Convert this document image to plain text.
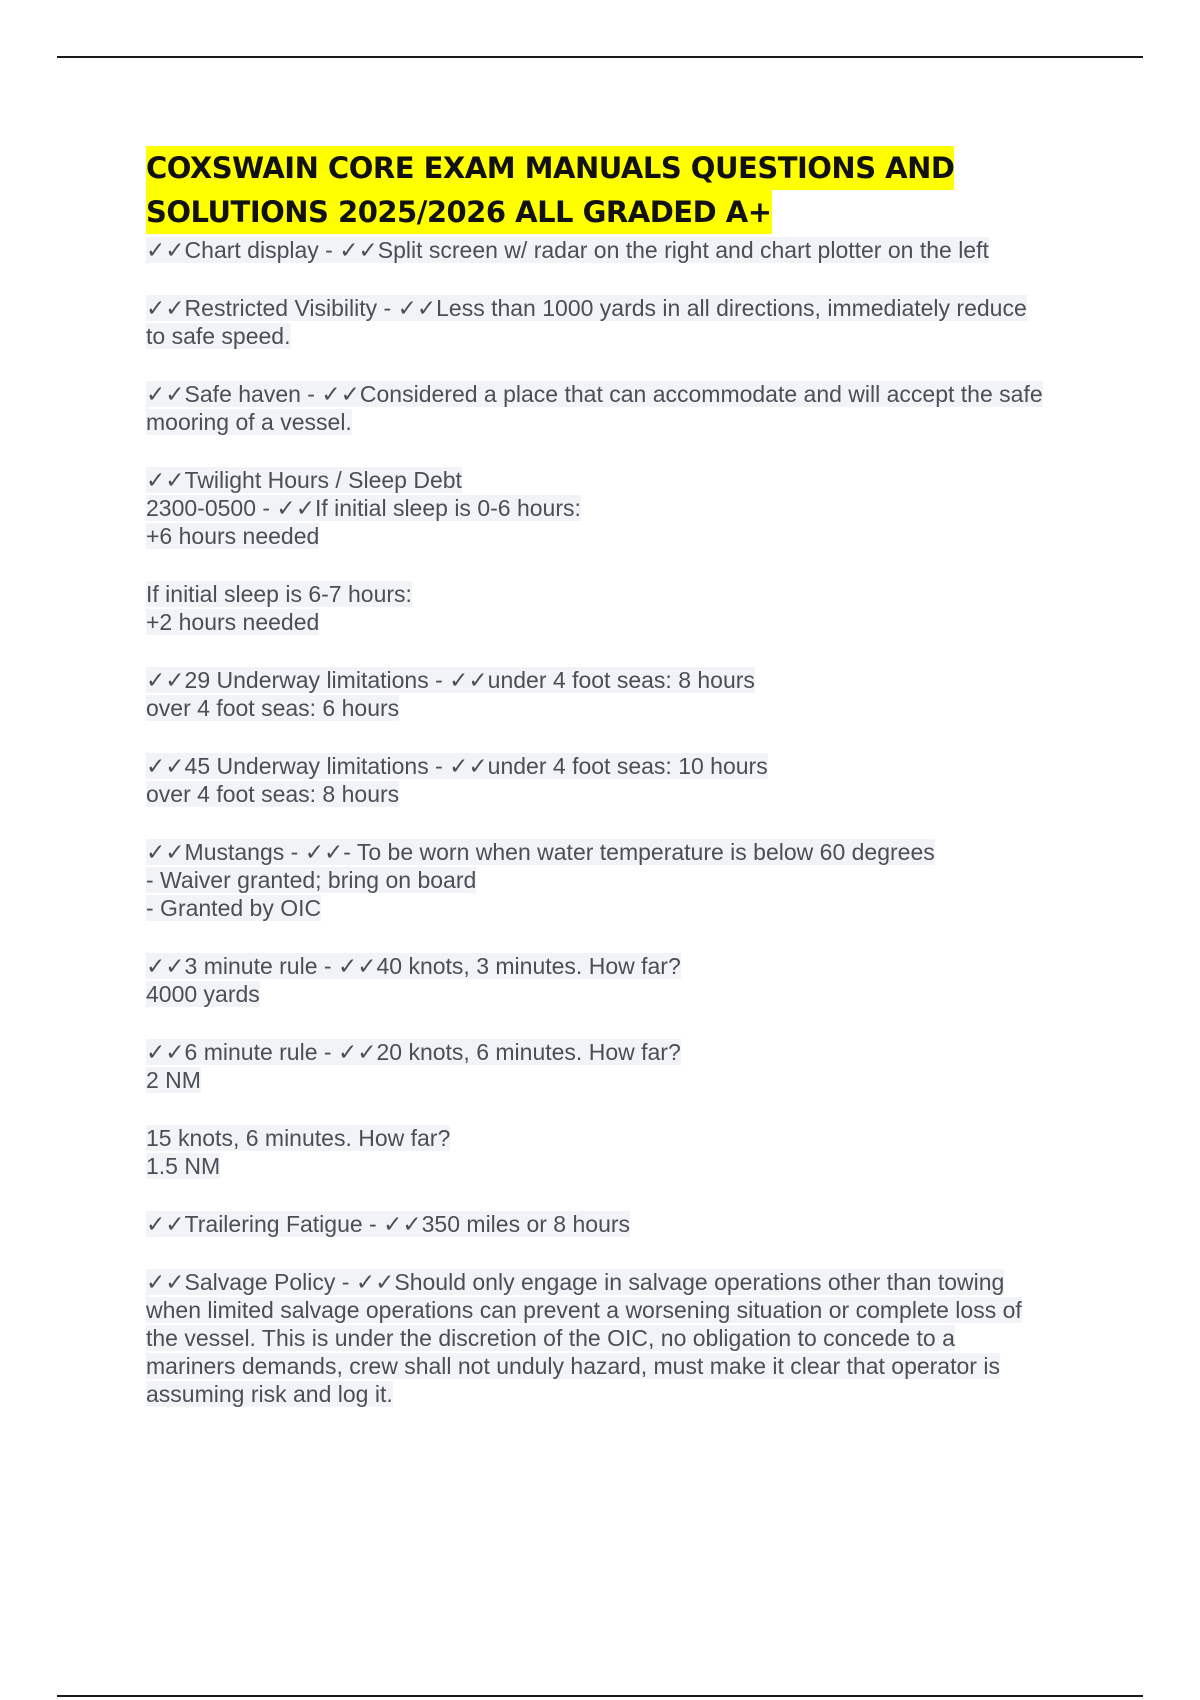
COXSWAIN CORE EXAM MANUALS QUESTIONS AND
SOLUTIONS 2025/2026 ALL GRADED A+
✓✓Chart display - ✓✓Split screen w/ radar on the right and chart plotter on the left
✓✓Restricted Visibility - ✓✓Less than 1000 yards in all directions, immediately reduce
to safe speed.
✓✓Safe haven - ✓✓Considered a place that can accommodate and will accept the safe
mooring of a vessel.
✓✓Twilight Hours / Sleep Debt
2300-0500 - ✓✓If initial sleep is 0-6 hours:
+6 hours needed
If initial sleep is 6-7 hours:
+2 hours needed
✓✓29 Underway limitations - ✓✓under 4 foot seas: 8 hours
over 4 foot seas: 6 hours
✓✓45 Underway limitations - ✓✓under 4 foot seas: 10 hours
over 4 foot seas: 8 hours
✓✓Mustangs - ✓✓- To be worn when water temperature is below 60 degrees
- Waiver granted; bring on board
- Granted by OIC
✓✓3 minute rule - ✓✓40 knots, 3 minutes. How far?
4000 yards
✓✓6 minute rule - ✓✓20 knots, 6 minutes. How far?
2 NM
15 knots, 6 minutes. How far?
1.5 NM
✓✓Trailering Fatigue - ✓✓350 miles or 8 hours
✓✓Salvage Policy - ✓✓Should only engage in salvage operations other than towing
when limited salvage operations can prevent a worsening situation or complete loss of
the vessel. This is under the discretion of the OIC, no obligation to concede to a
mariners demands, crew shall not unduly hazard, must make it clear that operator is
assuming risk and log it.
